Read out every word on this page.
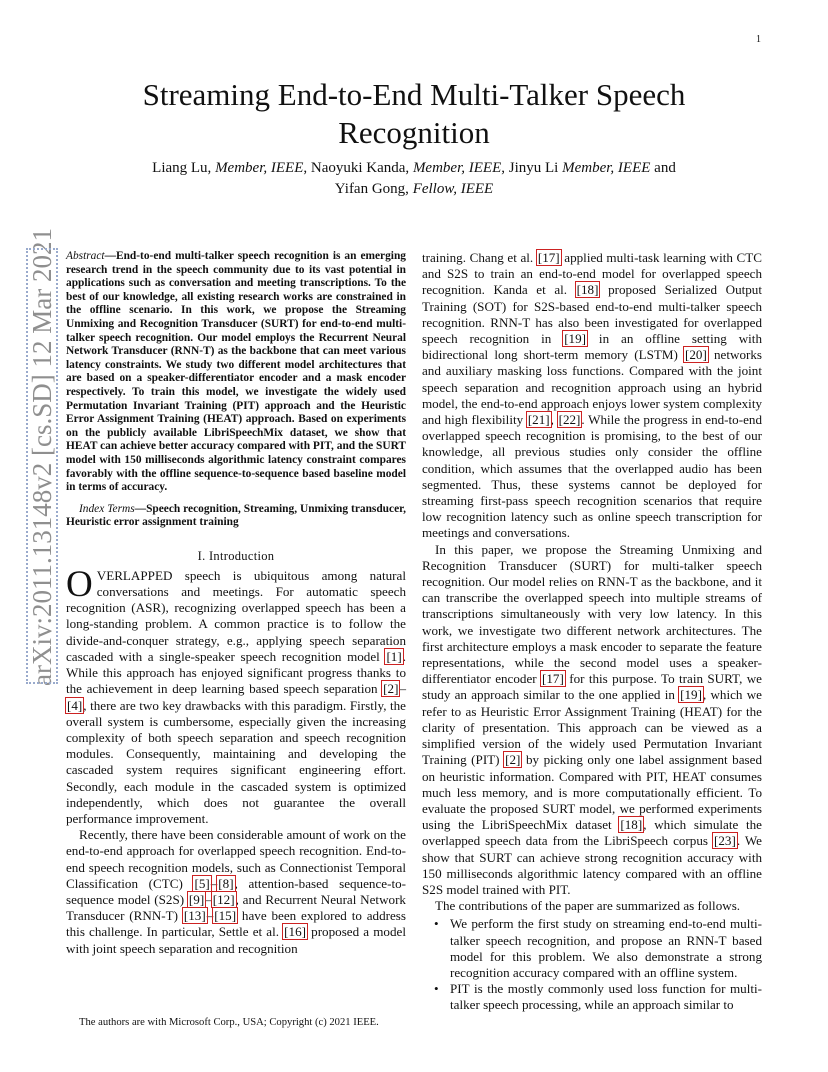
1
arXiv:2011.13148v2 [cs.SD] 12 Mar 2021
Streaming End-to-End Multi-Talker Speech Recognition
Liang Lu, Member, IEEE, Naoyuki Kanda, Member, IEEE, Jinyu Li Member, IEEE and
Yifan Gong, Fellow, IEEE

Abstract—End-to-end multi-talker speech recognition is an emerging research trend in the speech community due to its vast potential in applications such as conversation and meeting transcriptions. To the best of our knowledge, all existing research works are constrained in the offline scenario. In this work, we propose the Streaming Unmixing and Recognition Transducer (SURT) for end-to-end multi-talker speech recognition. Our model employs the Recurrent Neural Network Transducer (RNN-T) as the backbone that can meet various latency constraints. We study two different model architectures that are based on a speaker-differentiator encoder and a mask encoder respectively. To train this model, we investigate the widely used Permutation Invariant Training (PIT) approach and the Heuristic Error Assignment Training (HEAT) approach. Based on experiments on the publicly available LibriSpeechMix dataset, we show that HEAT can achieve better accuracy compared with PIT, and the SURT model with 150 milliseconds algorithmic latency constraint compares favorably with the offline sequence-to-sequence based baseline model in terms of accuracy.

Index Terms—Speech recognition, Streaming, Unmixing transducer, Heuristic error assignment training

I. Introduction

OVERLAPPED speech is ubiquitous among natural conversations and meetings. For automatic speech recognition (ASR), recognizing overlapped speech has been a long-standing problem. A common practice is to follow the divide-and-conquer strategy, e.g., applying speech separation cascaded with a single-speaker speech recognition model [1]. While this approach has enjoyed significant progress thanks to the achievement in deep learning based speech separation [2]–[4], there are two key drawbacks with this paradigm. Firstly, the overall system is cumbersome, especially given the increasing complexity of both speech separation and speech recognition modules. Consequently, maintaining and developing the cascaded system requires significant engineering effort. Secondly, each module in the cascaded system is optimized independently, which does not guarantee the overall performance improvement.

Recently, there have been considerable amount of work on the end-to-end approach for overlapped speech recognition. End-to-end speech recognition models, such as Connectionist Temporal Classification (CTC) [5]–[8], attention-based sequence-to-sequence model (S2S) [9]–[12], and Recurrent Neural Network Transducer (RNN-T) [13]–[15] have been explored to address this challenge. In particular, Settle et al. [16] proposed a model with joint speech separation and recognition

training. Chang et al. [17] applied multi-task learning with CTC and S2S to train an end-to-end model for overlapped speech recognition. Kanda et al. [18] proposed Serialized Output Training (SOT) for S2S-based end-to-end multi-talker speech recognition. RNN-T has also been investigated for overlapped speech recognition in [19] in an offline setting with bidirectional long short-term memory (LSTM) [20] networks and auxiliary masking loss functions. Compared with the joint speech separation and recognition approach using an hybrid model, the end-to-end approach enjoys lower system complexity and high flexibility [21], [22]. While the progress in end-to-end overlapped speech recognition is promising, to the best of our knowledge, all previous studies only consider the offline condition, which assumes that the overlapped audio has been segmented. Thus, these systems cannot be deployed for streaming first-pass speech recognition scenarios that require low recognition latency such as online speech transcription for meetings and conversations.

In this paper, we propose the Streaming Unmixing and Recognition Transducer (SURT) for multi-talker speech recognition. Our model relies on RNN-T as the backbone, and it can transcribe the overlapped speech into multiple streams of transcriptions simultaneously with very low latency. In this work, we investigate two different network architectures. The first architecture employs a mask encoder to separate the feature representations, while the second model uses a speaker-differentiator encoder [17] for this purpose. To train SURT, we study an approach similar to the one applied in [19], which we refer to as Heuristic Error Assignment Training (HEAT) for the clarity of presentation. This approach can be viewed as a simplified version of the widely used Permutation Invariant Training (PIT) [2] by picking only one label assignment based on heuristic information. Compared with PIT, HEAT consumes much less memory, and is more computationally efficient. To evaluate the proposed SURT model, we performed experiments using the LibriSpeechMix dataset [18], which simulate the overlapped speech data from the LibriSpeech corpus [23]. We show that SURT can achieve strong recognition accuracy with 150 milliseconds algorithmic latency compared with an offline S2S model trained with PIT.

The contributions of the paper are summarized as follows.

• We perform the first study on streaming end-to-end multi-talker speech recognition, and propose an RNN-T based model for this problem. We also demonstrate a strong recognition accuracy compared with an offline system.
• PIT is the mostly commonly used loss function for multi-talker speech processing, while an approach similar to
The authors are with Microsoft Corp., USA; Copyright (c) 2021 IEEE.
